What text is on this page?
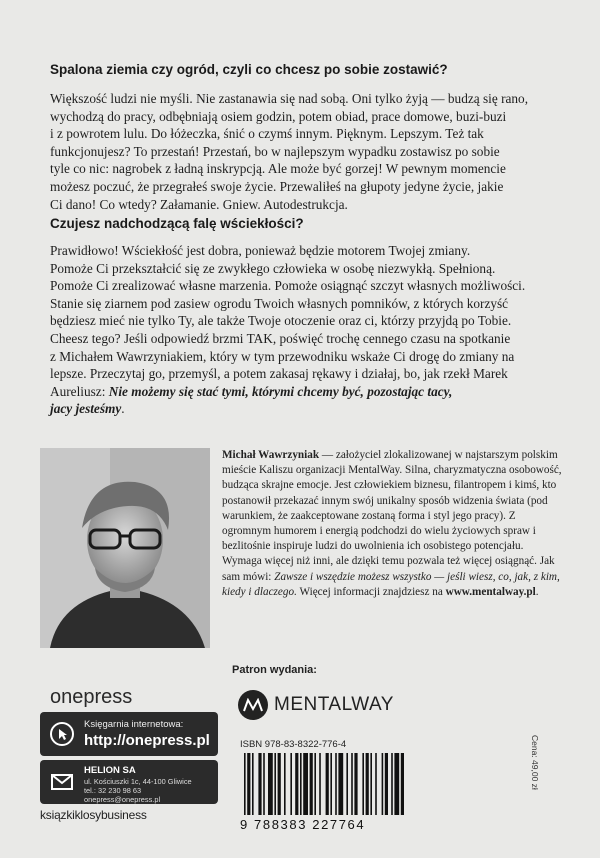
Spalona ziemia czy ogród, czyli co chcesz po sobie zostawić?
Większość ludzi nie myśli. Nie zastanawia się nad sobą. Oni tylko żyją — budzą się rano,
wychodzą do pracy, odbębniają osiem godzin, potem obiad, prace domowe, buzi-buzi
i z powrotem lulu. Do łóżeczka, śnić o czymś innym. Pięknym. Lepszym. Też tak
funkcjonujesz? To przestań! Przestań, bo w najlepszym wypadku zostawisz po sobie
tyle co nic: nagrobek z ładną inskrypcją. Ale może być gorzej! W pewnym momencie
możesz poczuć, że przegrałeś swoje życie. Przewaliłeś na głupoty jedyne życie, jakie
Ci dano! Co wtedy? Załamanie. Gniew. Autodestrukcja.
Czujesz nadchodzącą falę wściekłości?
Prawidłowo! Wściekłość jest dobra, ponieważ będzie motorem Twojej zmiany.
Pomoże Ci przekształcić się ze zwykłego człowieka w osobę niezwykłą. Spełnioną.
Pomoże Ci zrealizować własne marzenia. Pomoże osiągnąć szczyt własnych możliwości.
Stanie się ziarnem pod zasiew ogrodu Twoich własnych pomników, z których korzyść
będziesz mieć nie tylko Ty, ale także Twoje otoczenie oraz ci, którzy przyjdą po Tobie.
Cheesz tego? Jeśli odpowiedź brzmi TAK, poświęć trochę cennego czasu na spotkanie
z Michałem Wawrzyniakiem, który w tym przewodniku wskaże Ci drogę do zmiany na
lepsze. Przeczytaj go, przemyśl, a potem zakasaj rękawy i działaj, bo, jak rzekł Marek
Aureliusz: Nie możemy się stać tymi, którymi chcemy być, pozostając tacy,
jacy jesteśmy.

Michał Wawrzyniak — założyciel zlokalizowanej w najstarszym polskim mieście Kaliszu organizacji MentalWay. Silna, charyzmatyczna osobowość, budząca skrajne emocje. Jest człowiekiem biznesu, filantropem i kimś, kto postanowił przekazać innym swój unikalny sposób widzenia świata (pod warunkiem, że zaakceptowane zostaną forma i styl jego pracy). Z ogromnym humorem i energią podchodzi do wielu życiowych spraw i bezlitośnie inspiruje ludzi do uwolnienia ich osobistego potencjału. Wymaga więcej niż inni, ale dzięki temu pozwala też więcej osiągnąć. Jak sam mówi: Zawsze i wszędzie możesz wszystko — jeśli wiesz, co, jak, z kim, kiedy i dlaczego. Więcej informacji znajdziesz na www.mentalway.pl.

Patron wydania:
MENTALWAY
onepress
Księgarnia internetowa:
http://onepress.pl
HELION SA
ul. Kościuszki 1c, 44-100 Gliwice
tel.: 32 230 98 63
onepress@onepress.pl
ksiązkiklosybusiness
ISBN 978-83-8322-776-4
9 788383 227764
Cena: 49,00 zł
